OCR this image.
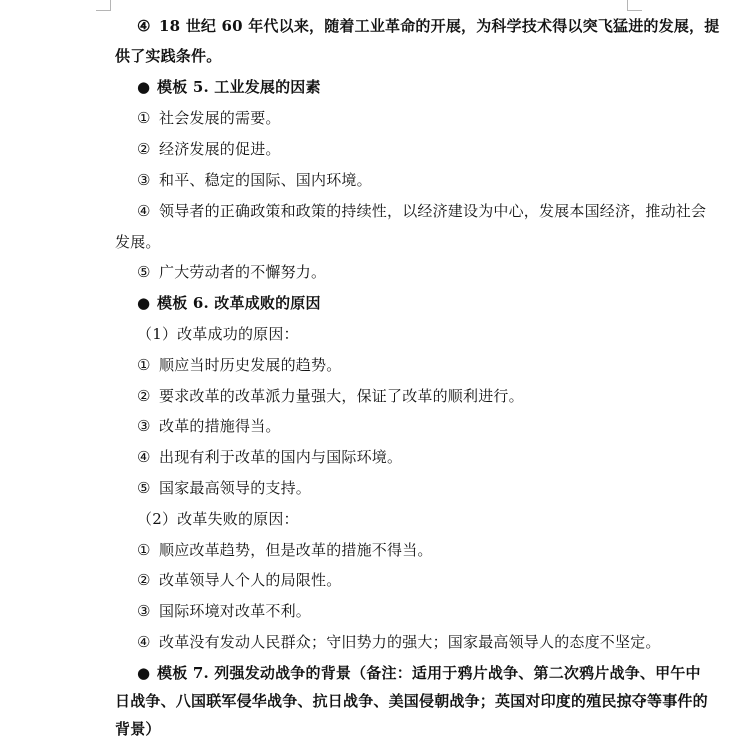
④ 18 世纪 60 年代以来，随着工业革命的开展，为科学技术得以突飞猛进的发展，提
供了实践条件。
● 模板 5. 工业发展的因素
① 社会发展的需要。
② 经济发展的促进。
③ 和平、稳定的国际、国内环境。
④ 领导者的正确政策和政策的持续性，以经济建设为中心，发展本国经济，推动社会
发展。
⑤ 广大劳动者的不懈努力。
● 模板 6. 改革成败的原因
（1）改革成功的原因：
① 顺应当时历史发展的趋势。
② 要求改革的改革派力量强大，保证了改革的顺利进行。
③ 改革的措施得当。
④ 出现有利于改革的国内与国际环境。
⑤ 国家最高领导的支持。
（2）改革失败的原因：
① 顺应改革趋势，但是改革的措施不得当。
② 改革领导人个人的局限性。
③ 国际环境对改革不利。
④ 改革没有发动人民群众；守旧势力的强大；国家最高领导人的态度不坚定。
● 模板 7. 列强发动战争的背景（备注：适用于鸦片战争、第二次鸦片战争、甲午中
日战争、八国联军侵华战争、抗日战争、美国侵朝战争；英国对印度的殖民掠夺等事件的
背景）
